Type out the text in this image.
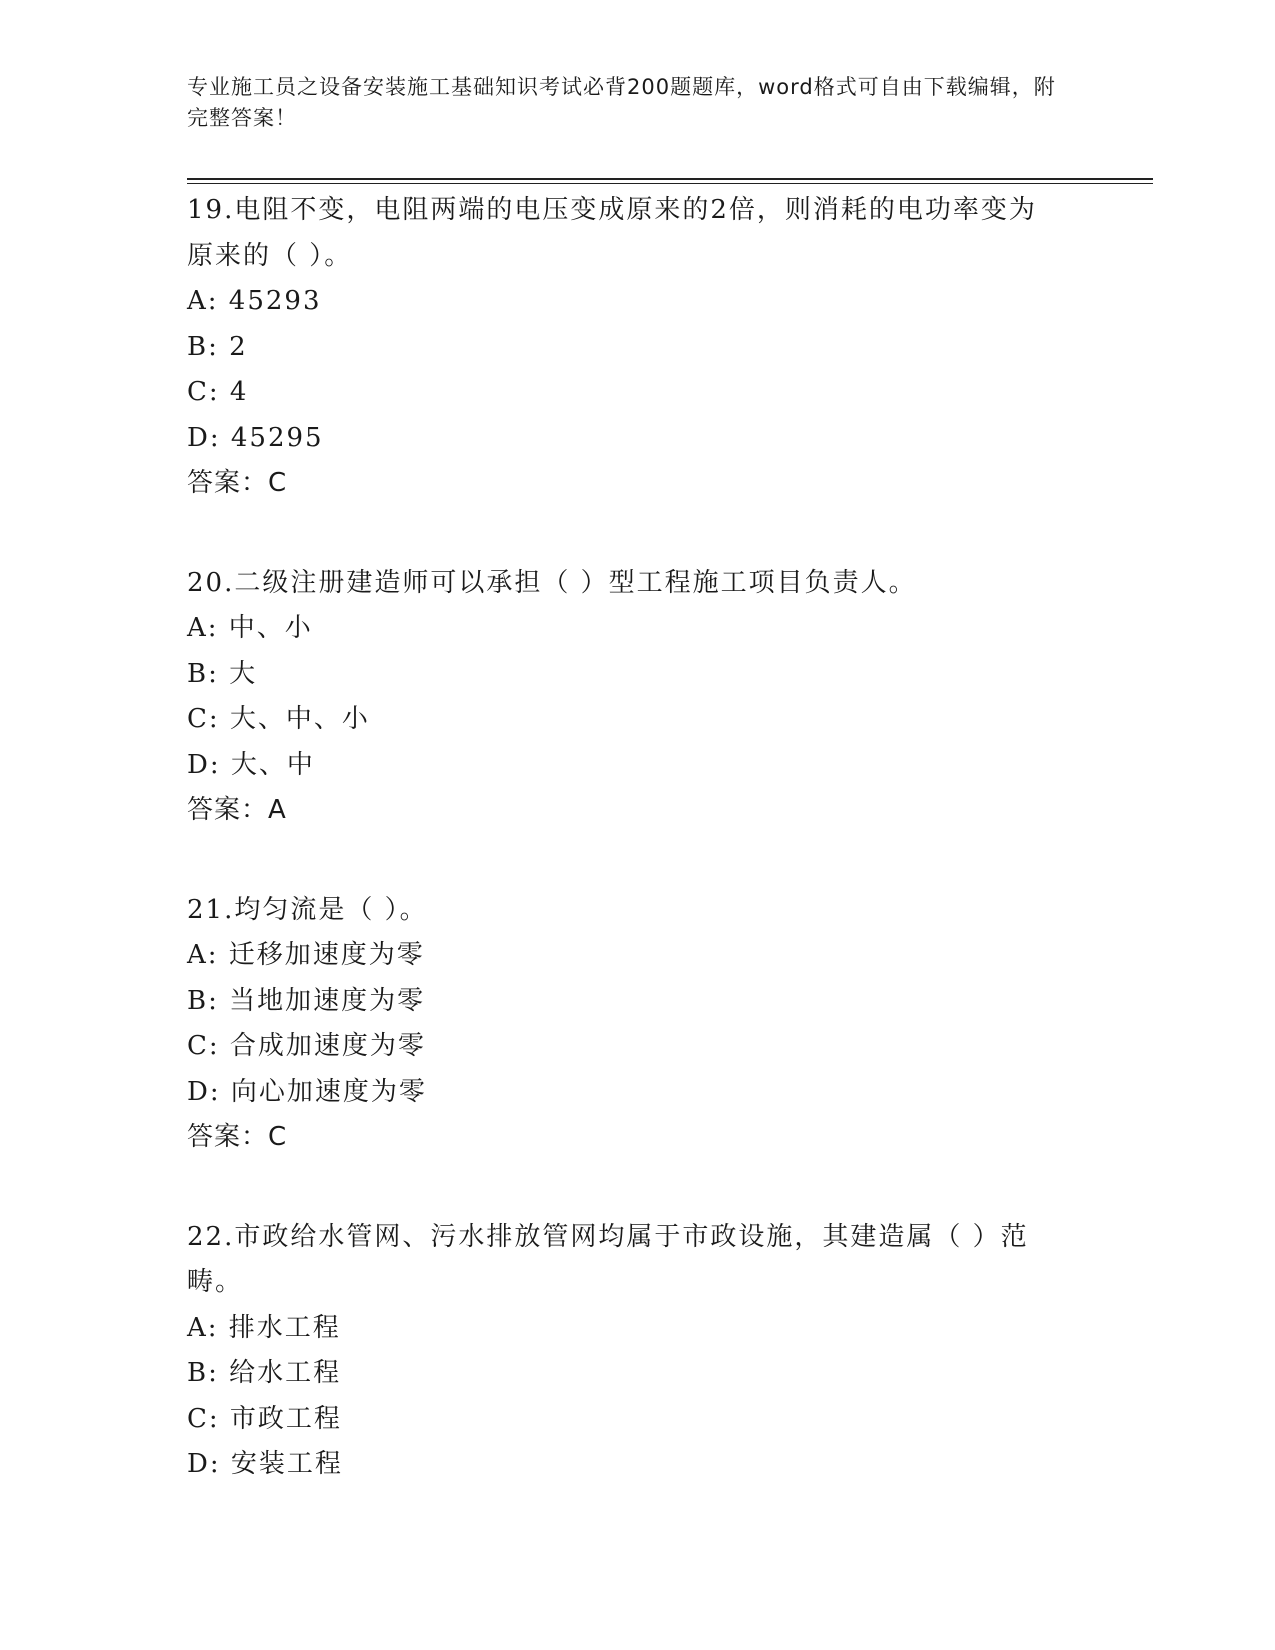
专业施工员之设备安装施工基础知识考试必背200题题库，word格式可自由下载编辑，附完整答案！
19.电阻不变，电阻两端的电压变成原来的2倍，则消耗的电功率变为
原来的（ ）。
A: 45293
B: 2
C: 4
D: 45295
答案：C
20.二级注册建造师可以承担（ ）型工程施工项目负责人。
A: 中、小
B: 大
C: 大、中、小
D: 大、中
答案：A
21.均匀流是（ ）。
A: 迁移加速度为零
B: 当地加速度为零
C: 合成加速度为零
D: 向心加速度为零
答案：C
22.市政给水管网、污水排放管网均属于市政设施，其建造属（ ）范
畴。
A: 排水工程
B: 给水工程
C: 市政工程
D: 安装工程
